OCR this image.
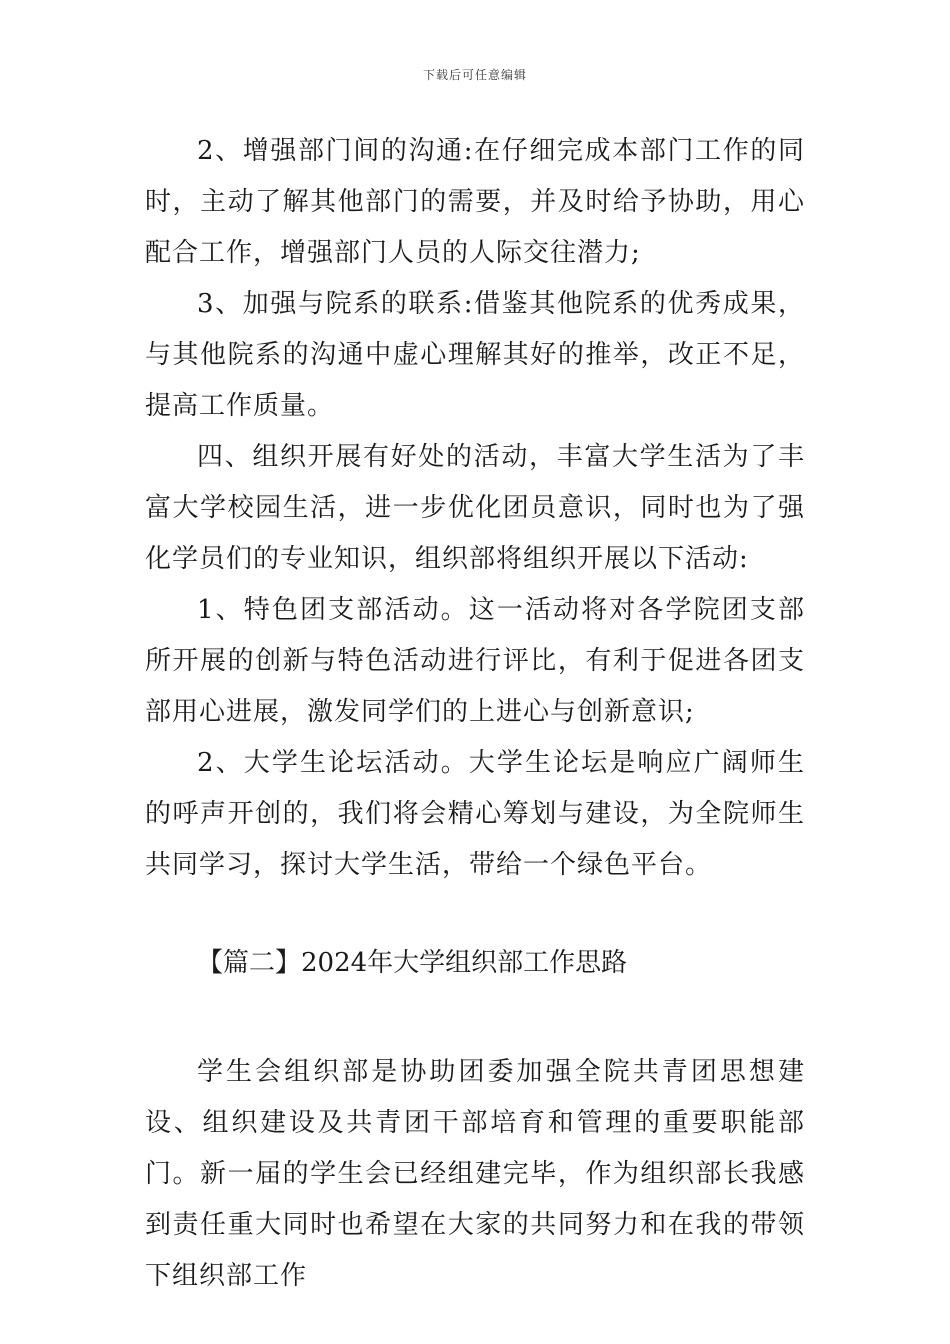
下载后可任意编辑

2、增强部门间的沟通:在仔细完成本部门工作的同时，主动了解其他部门的需要，并及时给予协助，用心配合工作，增强部门人员的人际交往潜力;

3、加强与院系的联系:借鉴其他院系的优秀成果，与其他院系的沟通中虚心理解其好的推举，改正不足，提高工作质量。

四、组织开展有好处的活动，丰富大学生活为了丰富大学校园生活，进一步优化团员意识，同时也为了强化学员们的专业知识，组织部将组织开展以下活动:

1、特色团支部活动。这一活动将对各学院团支部所开展的创新与特色活动进行评比，有利于促进各团支部用心进展，激发同学们的上进心与创新意识;

2、大学生论坛活动。大学生论坛是响应广阔师生的呼声开创的，我们将会精心筹划与建设，为全院师生共同学习，探讨大学生活，带给一个绿色平台。

【篇二】2024年大学组织部工作思路

学生会组织部是协助团委加强全院共青团思想建设、组织建设及共青团干部培育和管理的重要职能部门。新一届的学生会已经组建完毕，作为组织部长我感到责任重大同时也希望在大家的共同努力和在我的带领下组织部工作
